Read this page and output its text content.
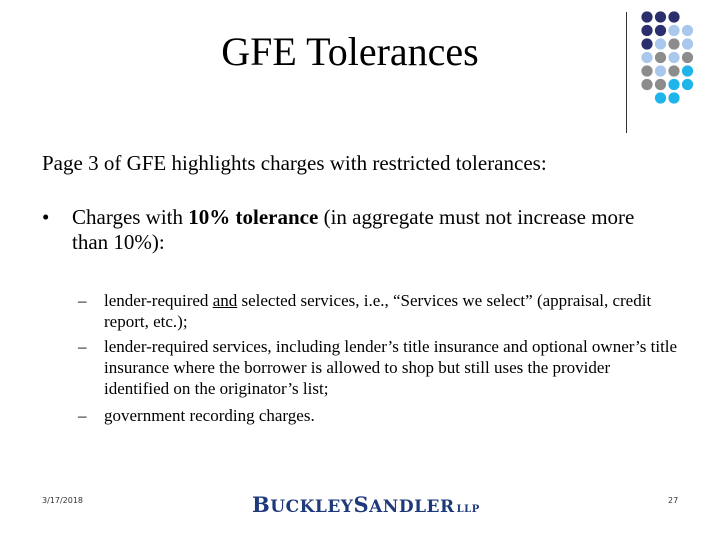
GFE Tolerances
Page 3 of GFE highlights charges with restricted tolerances:
•	Charges with 10% tolerance (in aggregate must not increase more than 10%):
–	lender-required and selected services, i.e., “Services we select” (appraisal, credit report, etc.);
–	lender-required services, including lender’s title insurance and optional owner’s title insurance where the borrower is allowed to shop but still uses the provider identified on the originator’s list;
–	government recording charges.
3/17/2018	BUCKLEYSANDLER LLP
27
